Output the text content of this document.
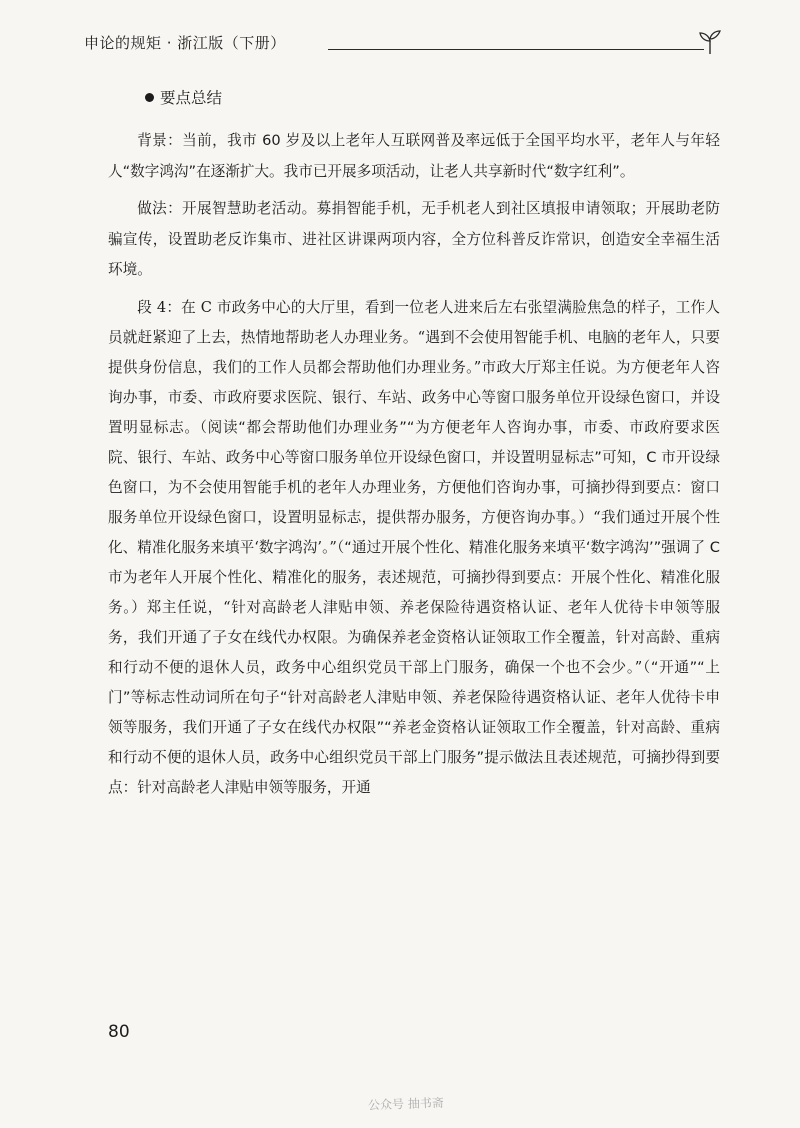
申论的规矩 · 浙江版（下册）
要点总结

背景：当前，我市 60 岁及以上老年人互联网普及率远低于全国平均水平，老年人与年轻人“数字鸿沟”在逐渐扩大。我市已开展多项活动，让老人共享新时代“数字红利”。

做法：开展智慧助老活动。募捐智能手机，无手机老人到社区填报申请领取；开展助老防骗宣传，设置助老反诈集市、进社区讲课两项内容，全方位科普反诈常识，创造安全幸福生活环境。

段 4：在 C 市政务中心的大厅里，看到一位老人进来后左右张望满脸焦急的样子，工作人员就赶紧迎了上去，热情地帮助老人办理业务。“遇到不会使用智能手机、电脑的老年人，只要提供身份信息，我们的工作人员都会帮助他们办理业务。”市政大厅郑主任说。为方便老年人咨询办事，市委、市政府要求医院、银行、车站、政务中心等窗口服务单位开设绿色窗口，并设置明显标志。（阅读“都会帮助他们办理业务”“为方便老年人咨询办事，市委、市政府要求医院、银行、车站、政务中心等窗口服务单位开设绿色窗口，并设置明显标志”可知，C 市开设绿色窗口，为不会使用智能手机的老年人办理业务，方便他们咨询办事，可摘抄得到要点：窗口服务单位开设绿色窗口，设置明显标志，提供帮办服务，方便咨询办事。）“我们通过开展个性化、精准化服务来填平‘数字鸿沟’。”（“通过开展个性化、精准化服务来填平‘数字鸿沟’”强调了 C 市为老年人开展个性化、精准化的服务，表述规范，可摘抄得到要点：开展个性化、精准化服务。）郑主任说，“针对高龄老人津贴申领、养老保险待遇资格认证、老年人优待卡申领等服务，我们开通了子女在线代办权限。为确保养老金资格认证领取工作全覆盖，针对高龄、重病和行动不便的退休人员，政务中心组织党员干部上门服务，确保一个也不会少。”（“开通”“上门”等标志性动词所在句子“针对高龄老人津贴申领、养老保险待遇资格认证、老年人优待卡申领等服务，我们开通了子女在线代办权限”“养老金资格认证领取工作全覆盖，针对高龄、重病和行动不便的退休人员，政务中心组织党员干部上门服务”提示做法且表述规范，可摘抄得到要点：针对高龄老人津贴申领等服务，开通

80
公众号 抽书斋
